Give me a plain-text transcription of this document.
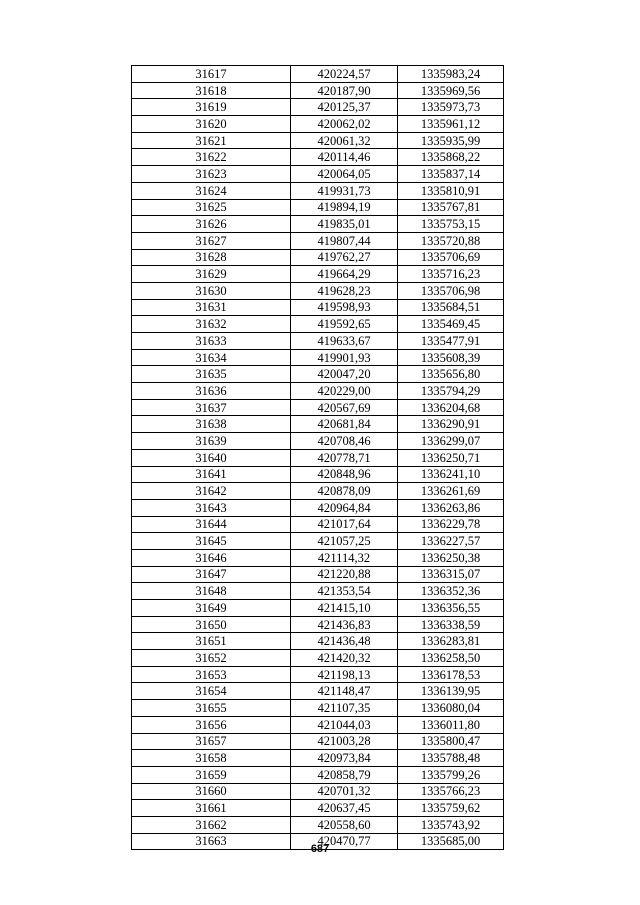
31617	420224,57	1335983,24
31618	420187,90	1335969,56
31619	420125,37	1335973,73
31620	420062,02	1335961,12
31621	420061,32	1335935,99
31622	420114,46	1335868,22
31623	420064,05	1335837,14
31624	419931,73	1335810,91
31625	419894,19	1335767,81
31626	419835,01	1335753,15
31627	419807,44	1335720,88
31628	419762,27	1335706,69
31629	419664,29	1335716,23
31630	419628,23	1335706,98
31631	419598,93	1335684,51
31632	419592,65	1335469,45
31633	419633,67	1335477,91
31634	419901,93	1335608,39
31635	420047,20	1335656,80
31636	420229,00	1335794,29
31637	420567,69	1336204,68
31638	420681,84	1336290,91
31639	420708,46	1336299,07
31640	420778,71	1336250,71
31641	420848,96	1336241,10
31642	420878,09	1336261,69
31643	420964,84	1336263,86
31644	421017,64	1336229,78
31645	421057,25	1336227,57
31646	421114,32	1336250,38
31647	421220,88	1336315,07
31648	421353,54	1336352,36
31649	421415,10	1336356,55
31650	421436,83	1336338,59
31651	421436,48	1336283,81
31652	421420,32	1336258,50
31653	421198,13	1336178,53
31654	421148,47	1336139,95
31655	421107,35	1336080,04
31656	421044,03	1336011,80
31657	421003,28	1335800,47
31658	420973,84	1335788,48
31659	420858,79	1335799,26
31660	420701,32	1335766,23
31661	420637,45	1335759,62
31662	420558,60	1335743,92
31663	420470,77	1335685,00
687
